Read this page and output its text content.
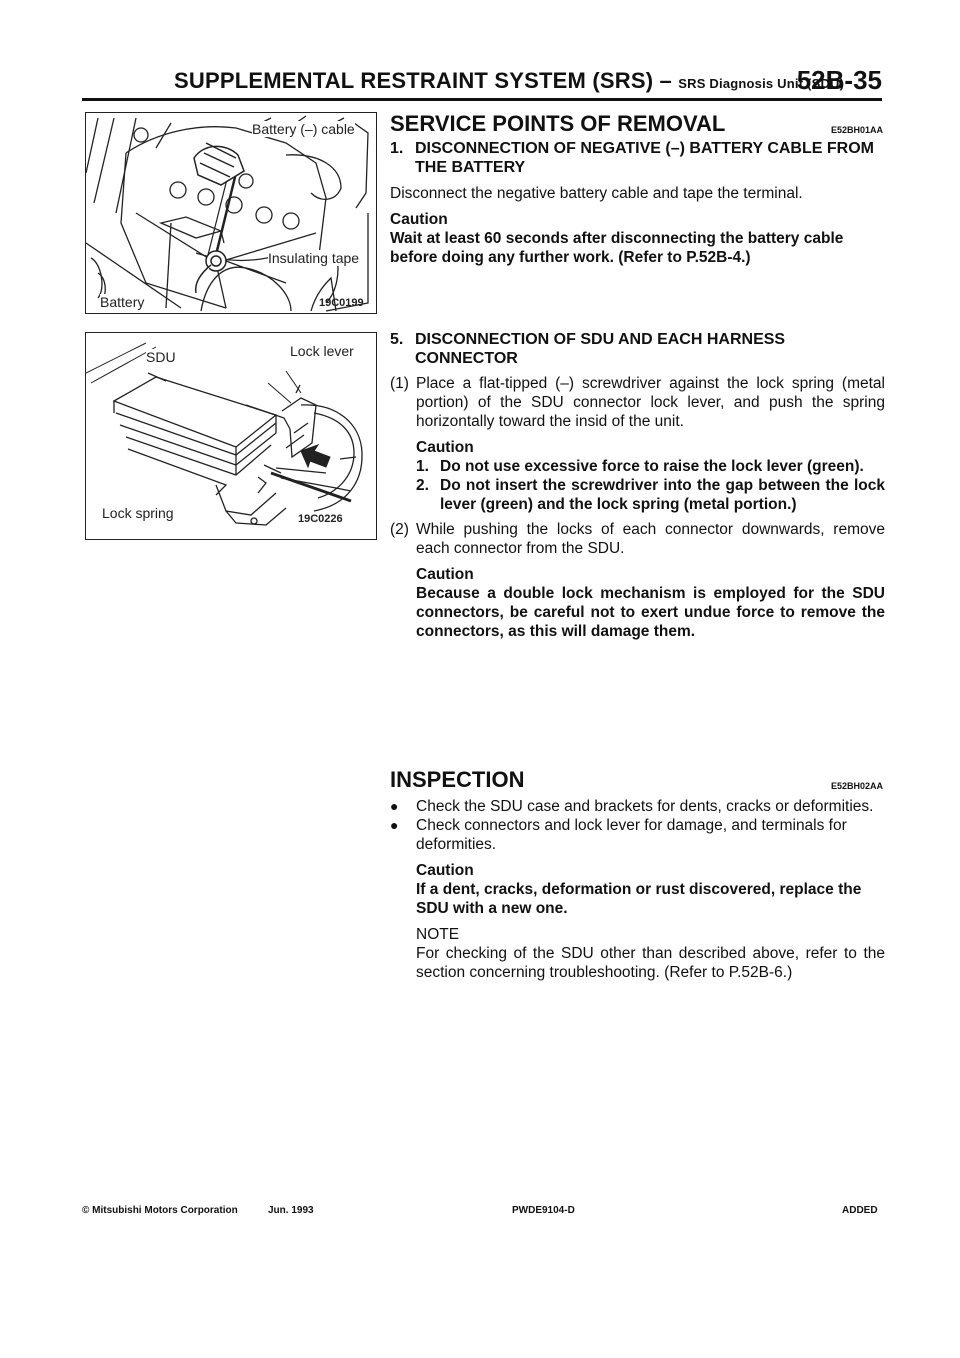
SUPPLEMENTAL RESTRAINT SYSTEM (SRS) – SRS Diagnosis Unit (SDU)
52B-35
Battery (–) cable
Insulating tape
Battery	19C0199
SDU	Lock lever
Lock spring	19C0226
SERVICE POINTS OF REMOVAL	E52BH01AA
1. DISCONNECTION OF NEGATIVE (–) BATTERY CABLE FROM THE BATTERY

Disconnect the negative battery cable and tape the terminal.

Caution

Wait at least 60 seconds after disconnecting the battery cable before doing any further work. (Refer to P.52B-4.)

5. DISCONNECTION OF SDU AND EACH HARNESS CONNECTOR
(1) Place a flat-tipped (–) screwdriver against the lock spring (metal portion) of the SDU connector lock lever, and push the spring horizontally toward the insid of the unit.

Caution

1. Do not use excessive force to raise the lock lever (green).
2. Do not insert the screwdriver into the gap between the lock lever (green) and the lock spring (metal portion.)
(2) While pushing the locks of each connector downwards, remove each connector from the SDU.

Caution

Because a double lock mechanism is employed for the SDU connectors, be careful not to exert undue force to remove the connectors, as this will damage them.

INSPECTION	E52BH02AA
●	Check the SDU case and brackets for dents, cracks or deformities.
●	Check connectors and lock lever for damage, and terminals for deformities.

Caution

If a dent, cracks, deformation or rust discovered, replace the SDU with a new one.

NOTE

For checking of the SDU other than described above, refer to the section concerning troubleshooting. (Refer to P.52B-6.)

© Mitsubishi Motors Corporation	Jun. 1993	PWDE9104-D	ADDED
